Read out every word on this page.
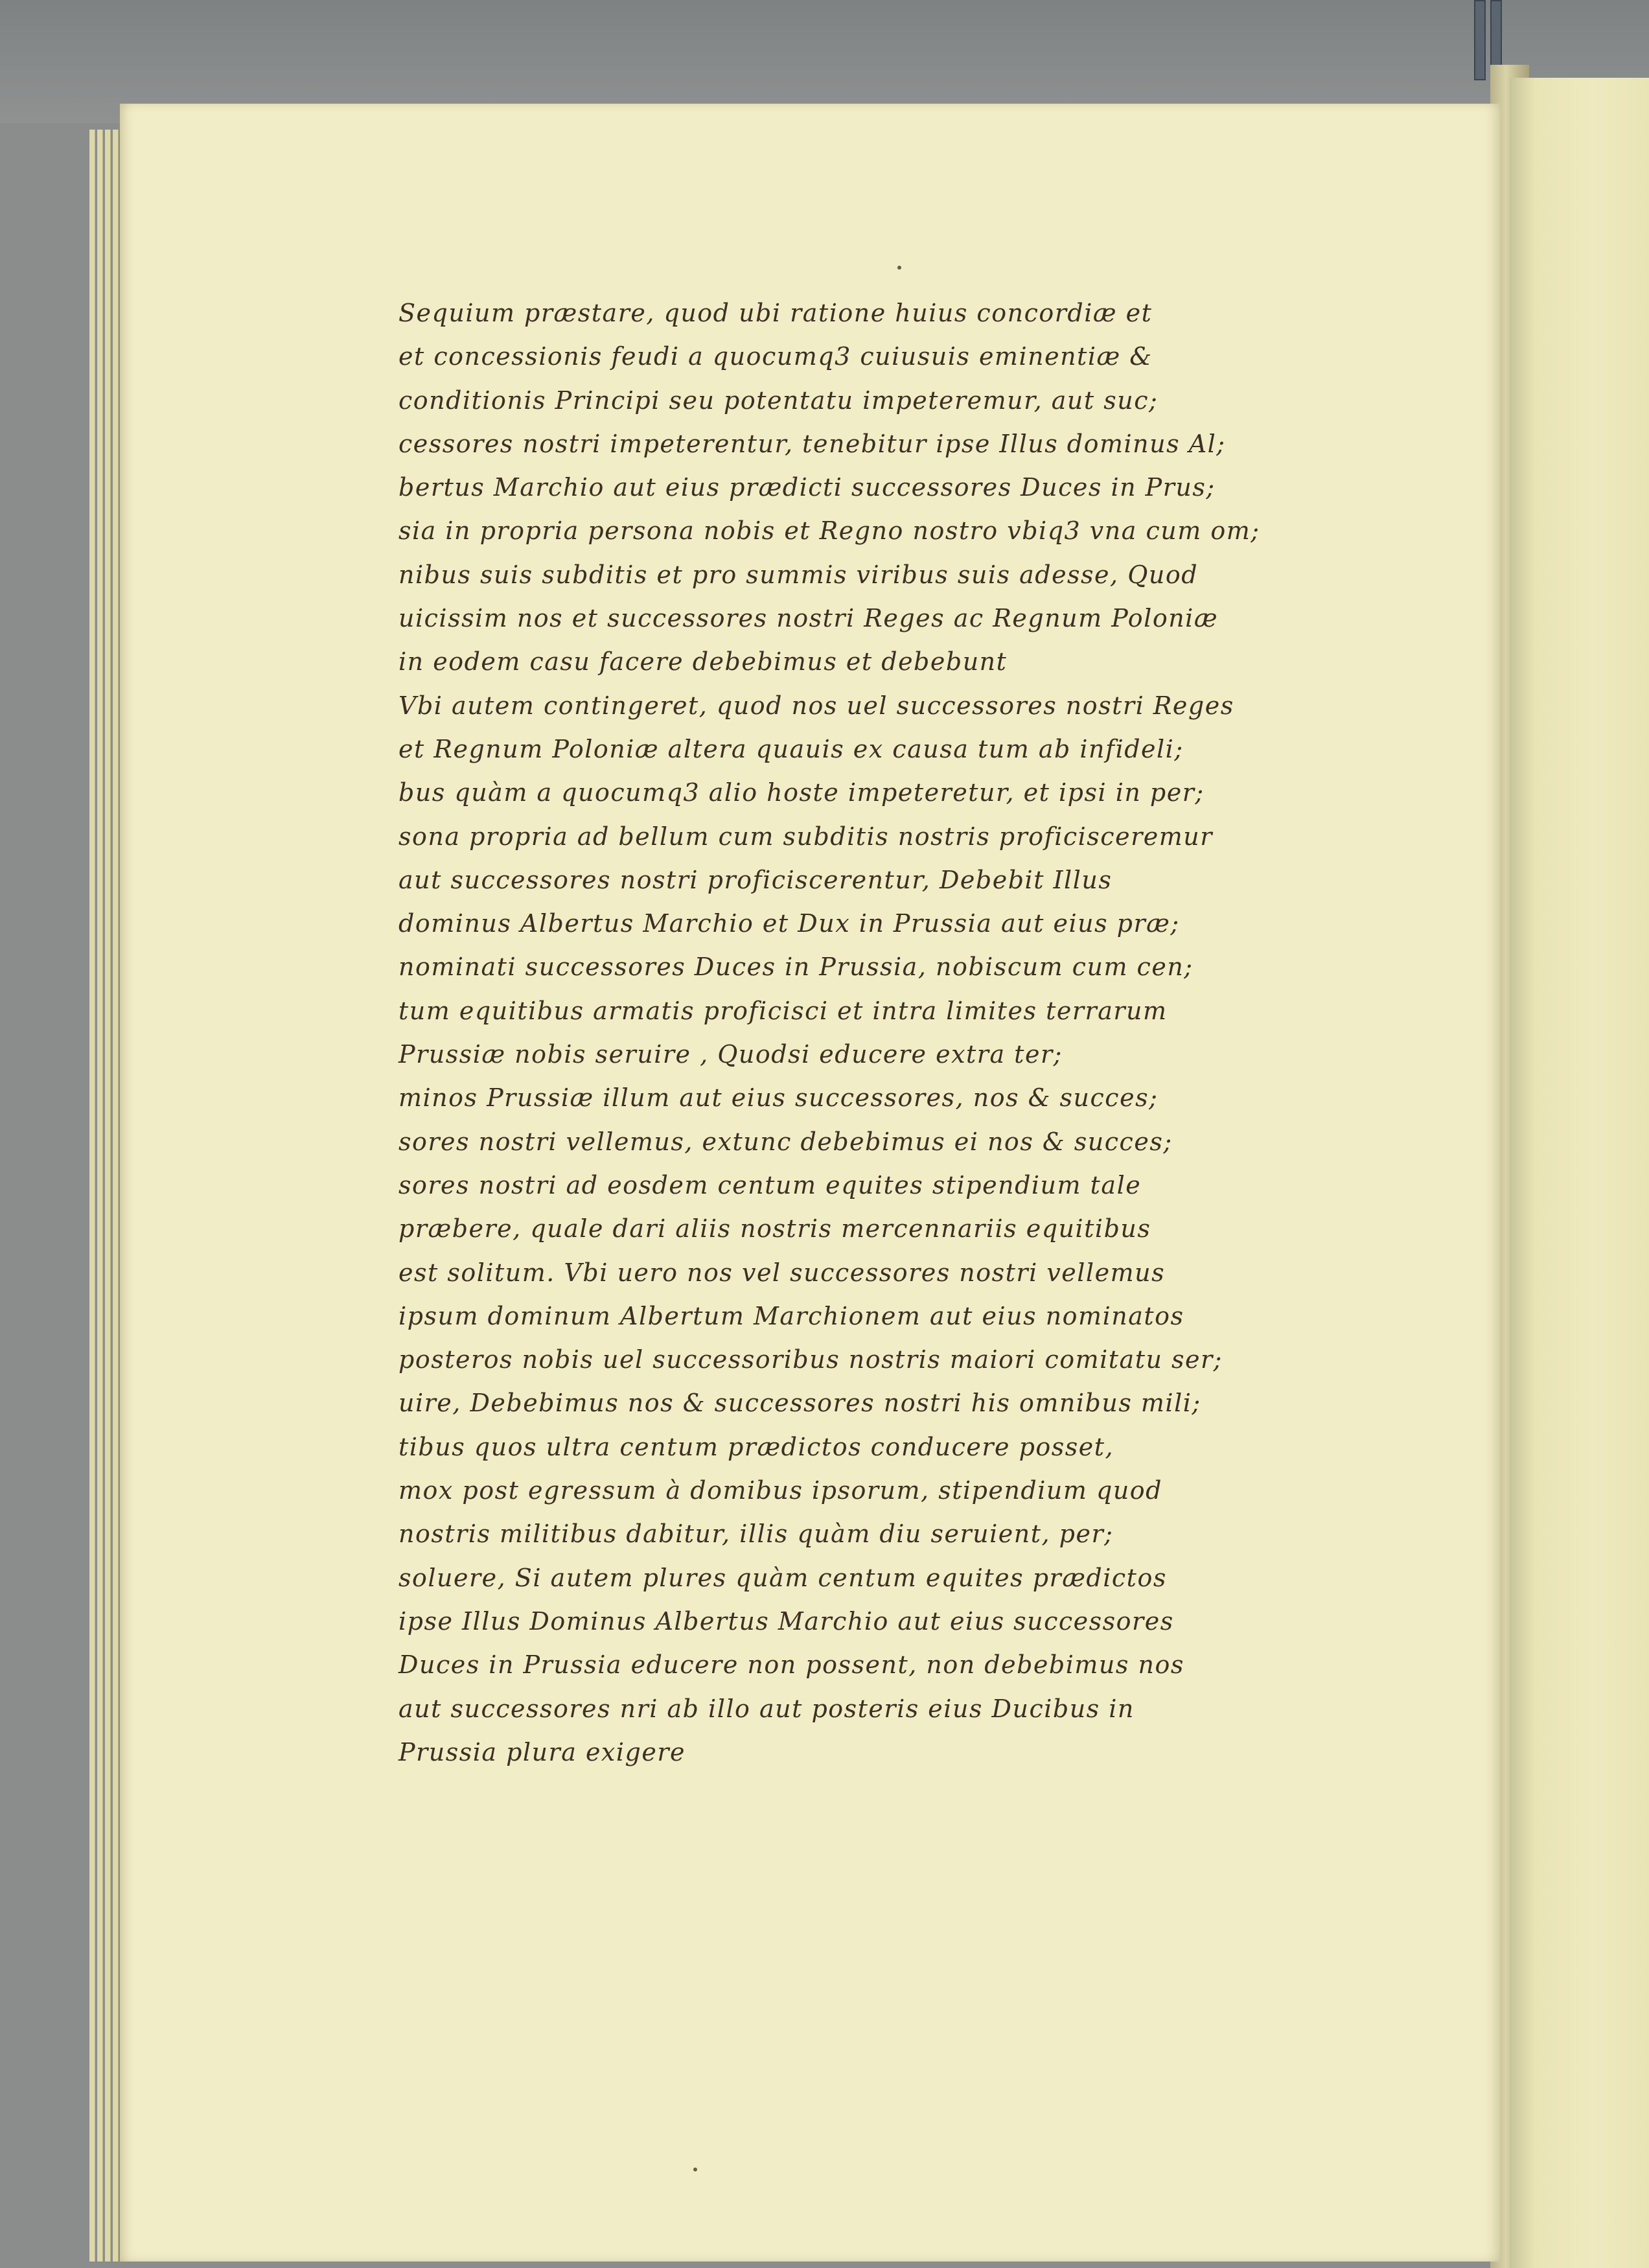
Sequium præstare, quod ubi ratione huius concordiæ et
et concessionis feudi a quocumq3 cuiusuis eminentiæ &
conditionis Principi seu potentatu impeteremur, aut suc;
cessores nostri impeterentur, tenebitur ipse Illus dominus Al;
bertus Marchio aut eius prædicti successores Duces in Prus;
sia in propria persona nobis et Regno nostro vbiq3 vna cum om;
nibus suis subditis et pro summis viribus suis adesse, Quod
uicissim nos et successores nostri Reges ac Regnum Poloniæ
in eodem casu facere debebimus et debebunt
Vbi autem contingeret, quod nos uel successores nostri Reges
et Regnum Poloniæ altera quauis ex causa tum ab infideli;
bus quàm a quocumq3 alio hoste impeteretur, et ipsi in per;
sona propria ad bellum cum subditis nostris proficisceremur
aut successores nostri proficiscerentur, Debebit Illus
dominus Albertus Marchio et Dux in Prussia aut eius præ;
nominati successores Duces in Prussia, nobiscum cum cen;
tum equitibus armatis proficisci et intra limites terrarum
Prussiæ nobis seruire , Quodsi educere extra ter;
minos Prussiæ illum aut eius successores, nos & succes;
sores nostri vellemus, extunc debebimus ei nos & succes;
sores nostri ad eosdem centum equites stipendium tale
præbere, quale dari aliis nostris mercennariis equitibus
est solitum. Vbi uero nos vel successores nostri vellemus
ipsum dominum Albertum Marchionem aut eius nominatos
posteros nobis uel successoribus nostris maiori comitatu ser;
uire, Debebimus nos & successores nostri his omnibus mili;
tibus quos ultra centum prædictos conducere posset,
mox post egressum à domibus ipsorum, stipendium quod
nostris militibus dabitur, illis quàm diu seruient, per;
soluere, Si autem plures quàm centum equites prædictos
ipse Illus Dominus Albertus Marchio aut eius successores
Duces in Prussia educere non possent, non debebimus nos
aut successores nri ab illo aut posteris eius Ducibus in
Prussia plura exigere
